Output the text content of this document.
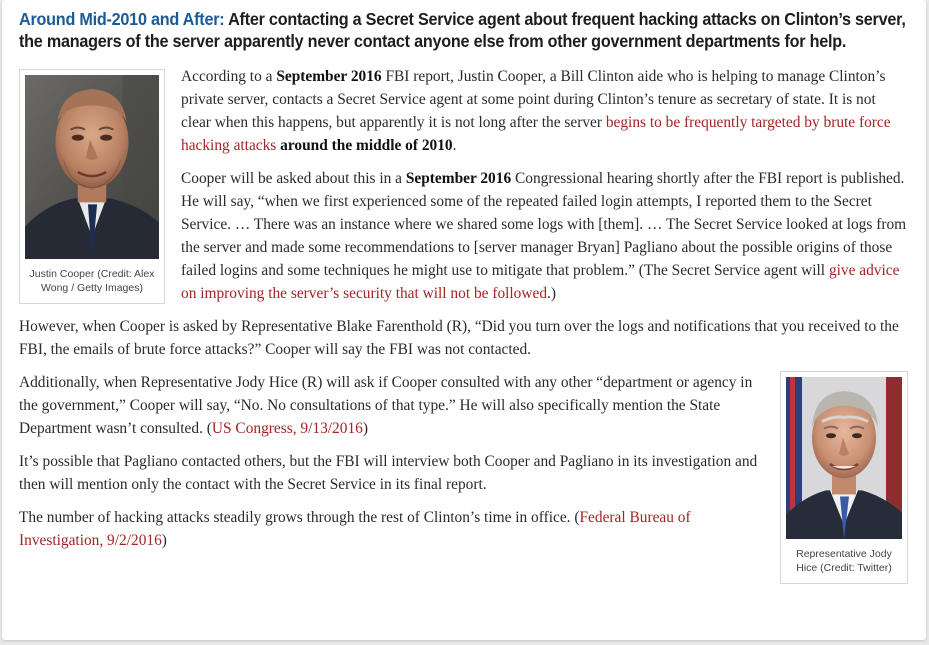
Around Mid-2010 and After: After contacting a Secret Service agent about frequent hacking attacks on Clinton’s server, the managers of the server apparently never contact anyone else from other government departments for help.
Justin Cooper (Credit: Alex Wong / Getty Images)

According to a September 2016 FBI report, Justin Cooper, a Bill Clinton aide who is helping to manage Clinton’s private server, contacts a Secret Service agent at some point during Clinton’s tenure as secretary of state. It is not clear when this happens, but apparently it is not long after the server begins to be frequently targeted by brute force hacking attacks around the middle of 2010.

Cooper will be asked about this in a September 2016 Congressional hearing shortly after the FBI report is published. He will say, “when we first experienced some of the repeated failed login attempts, I reported them to the Secret Service. … There was an instance where we shared some logs with [them]. … The Secret Service looked at logs from the server and made some recommendations to [server manager Bryan] Pagliano about the possible origins of those failed logins and some techniques he might use to mitigate that problem.” (The Secret Service agent will give advice on improving the server’s security that will not be followed.)

However, when Cooper is asked by Representative Blake Farenthold (R), “Did you turn over the logs and notifications that you received to the FBI, the emails of brute force attacks?” Cooper will say the FBI was not contacted.

Representative Jody Hice (Credit: Twitter)

Additionally, when Representative Jody Hice (R) will ask if Cooper consulted with any other “department or agency in the government,” Cooper will say, “No. No consultations of that type.” He will also specifically mention the State Department wasn’t consulted. (US Congress, 9/13/2016)

It’s possible that Pagliano contacted others, but the FBI will interview both Cooper and Pagliano in its investigation and then will mention only the contact with the Secret Service in its final report.

The number of hacking attacks steadily grows through the rest of Clinton’s time in office. (Federal Bureau of Investigation, 9/2/2016)
